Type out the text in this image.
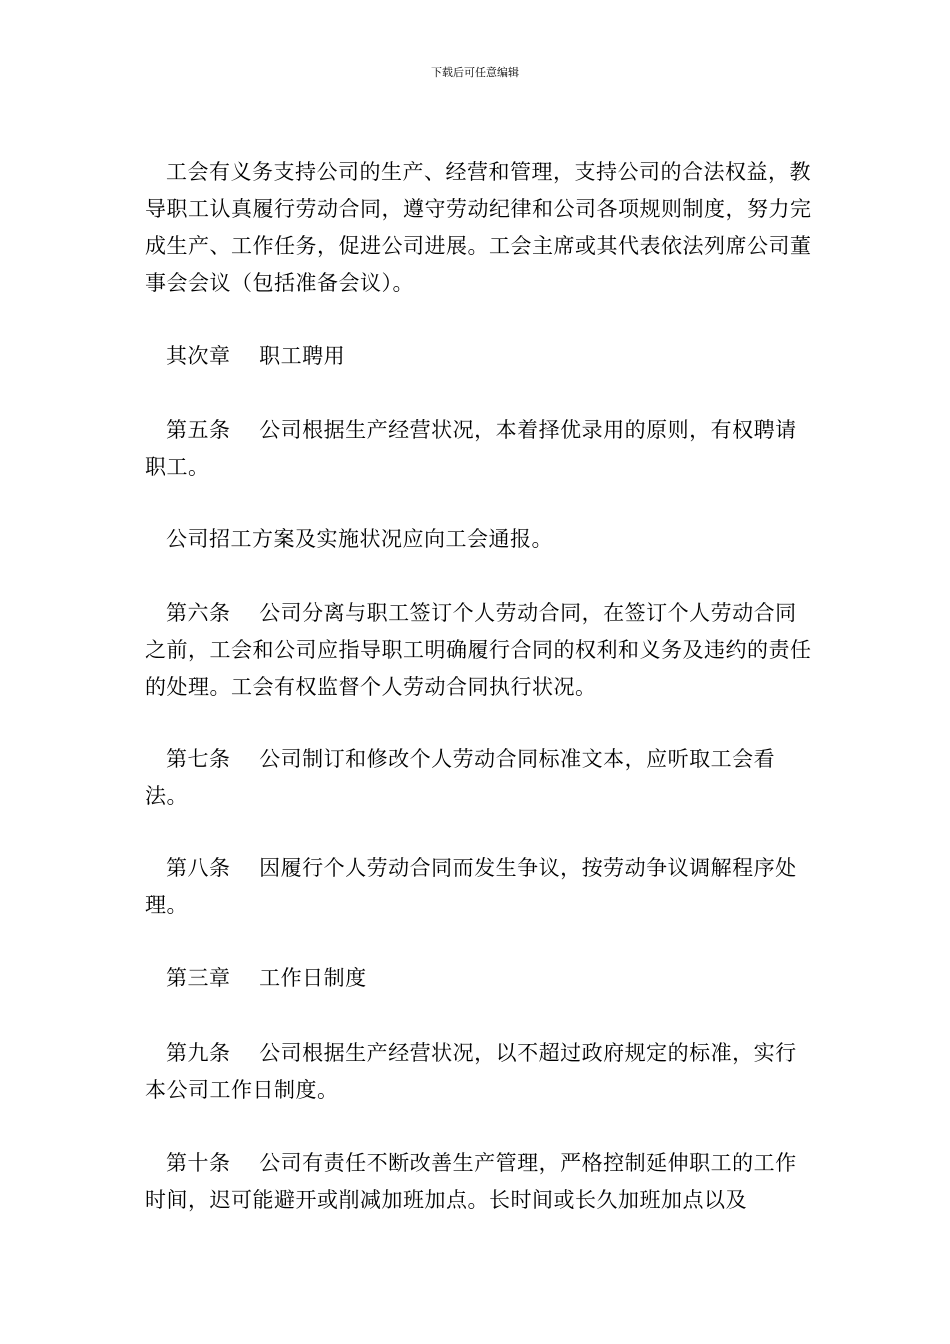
下载后可任意编辑

工会有义务支持公司的生产、经营和管理，支持公司的合法权益，教导职工认真履行劳动合同，遵守劳动纪律和公司各项规则制度，努力完成生产、工作任务，促进公司进展。工会主席或其代表依法列席公司董事会会议（包括准备会议）。

其次章　 职工聘用

第五条　 公司根据生产经营状况，本着择优录用的原则，有权聘请职工。

公司招工方案及实施状况应向工会通报。

第六条　 公司分离与职工签订个人劳动合同，在签订个人劳动合同之前，工会和公司应指导职工明确履行合同的权利和义务及违约的责任的处理。工会有权监督个人劳动合同执行状况。

第七条　 公司制订和修改个人劳动合同标准文本，应听取工会看法。

第八条　 因履行个人劳动合同而发生争议，按劳动争议调解程序处理。

第三章　 工作日制度

第九条　 公司根据生产经营状况，以不超过政府规定的标准，实行本公司工作日制度。

第十条　 公司有责任不断改善生产管理，严格控制延伸职工的工作时间，迟可能避开或削减加班加点。长时间或长久加班加点以及
